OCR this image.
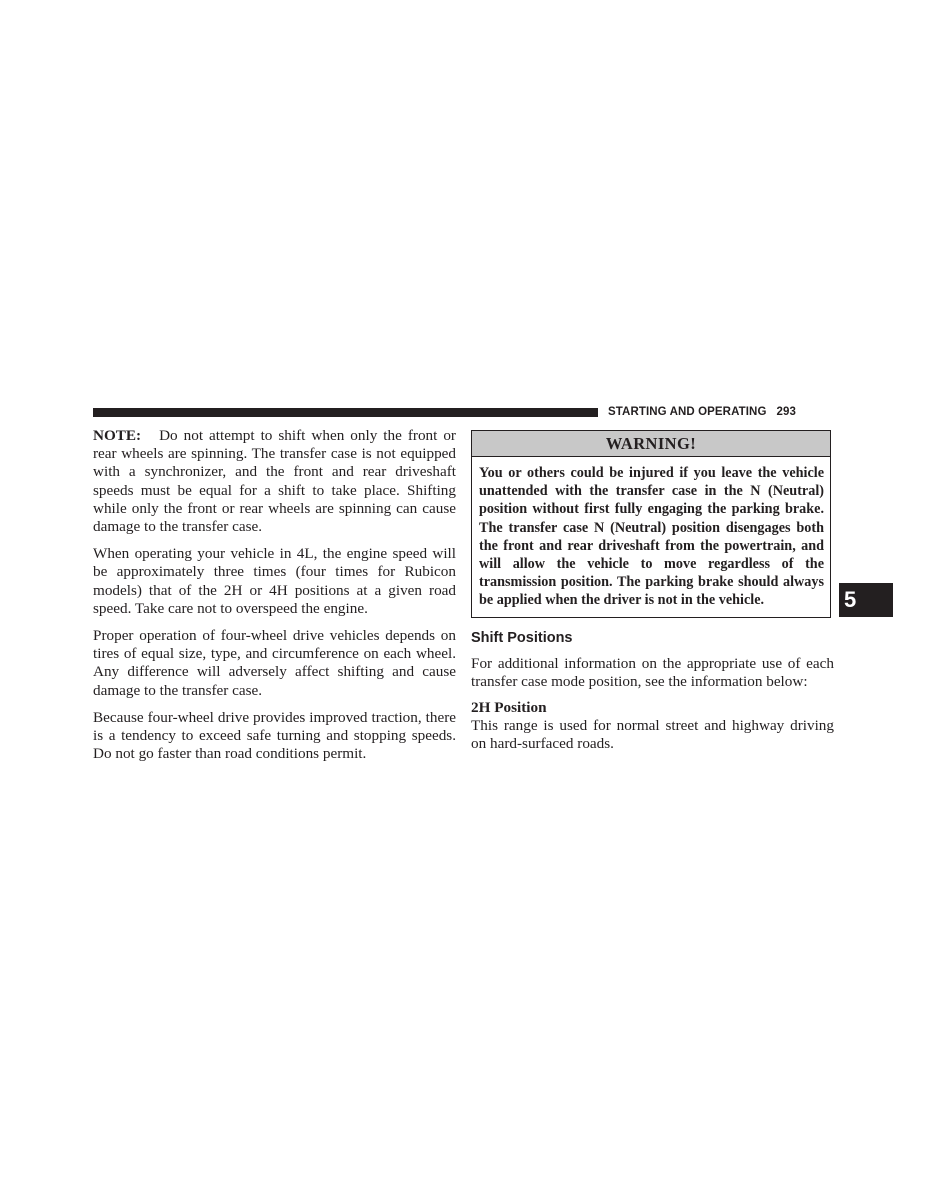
STARTING AND OPERATING 293

NOTE: Do not attempt to shift when only the front or rear wheels are spinning. The transfer case is not equipped with a synchronizer, and the front and rear driveshaft speeds must be equal for a shift to take place. Shifting while only the front or rear wheels are spinning can cause damage to the transfer case.

When operating your vehicle in 4L, the engine speed will be approximately three times (four times for Rubicon models) that of the 2H or 4H positions at a given road speed. Take care not to overspeed the engine.

Proper operation of four-wheel drive vehicles depends on tires of equal size, type, and circumference on each wheel. Any difference will adversely affect shifting and cause damage to the transfer case.

Because four-wheel drive provides improved traction, there is a tendency to exceed safe turning and stopping speeds. Do not go faster than road conditions permit.

WARNING!
You or others could be injured if you leave the vehicle unattended with the transfer case in the N (Neutral) position without first fully engaging the parking brake. The transfer case N (Neutral) position disengages both the front and rear driveshaft from the powertrain, and will allow the vehicle to move regardless of the transmission position. The parking brake should always be applied when the driver is not in the vehicle.
Shift Positions

For additional information on the appropriate use of each transfer case mode position, see the information below:

2H Position

This range is used for normal street and highway driving on hard-surfaced roads.

5
